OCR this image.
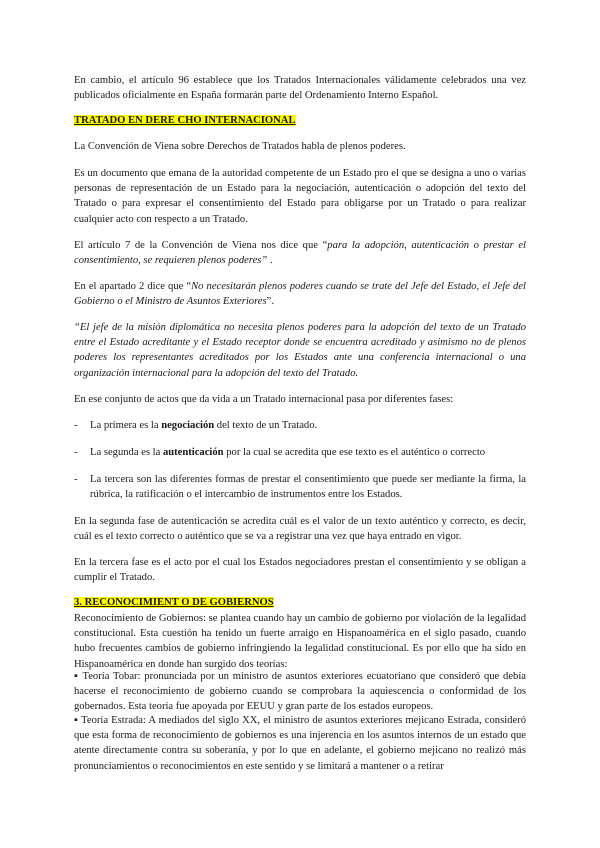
En cambio, el artículo 96 establece que los Tratados Internacionales válidamente celebrados una vez publicados oficialmente en España formarán parte del Ordenamiento Interno Español.

TRATADO EN DERE CHO INTERNACIONAL

La Convención de Viena sobre Derechos de Tratados habla de plenos poderes.

Es un documento que emana de la autoridad competente de un Estado pro el que se designa a uno o varias personas de representación de un Estado para la negociación, autenticación o adopción del texto del Tratado o para expresar el consentimiento del Estado para obligarse por un Tratado o para realizar cualquier acto con respecto a un Tratado.

El artículo 7 de la Convención de Viena nos dice que “para la adopción, autenticación o prestar el consentimiento, se requieren plenos poderes” .

En el apartado 2 dice que “No necesitarán plenos poderes cuando se trate del Jefe del Estado, el Jefe del Gobierno o el Ministro de Asuntos Exteriores”.

“El jefe de la misión diplomática no necesita plenos poderes para la adopción del texto de un Tratado entre el Estado acreditante y el Estado receptor donde se encuentra acreditado y asimismo no de plenos poderes los representantes acreditados por los Estados ante una conferencia internacional o una organización internacional para la adopción del texto del Tratado.

En ese conjunto de actos que da vida a un Tratado internacional pasa por diferentes fases:

-	La primera es la negociación del texto de un Tratado.

-	La segunda es la autenticación por la cual se acredita que ese texto es el auténtico o correcto

-	La tercera son las diferentes formas de prestar el consentimiento que puede ser mediante la firma, la rúbrica, la ratificación o el intercambio de instrumentos entre los Estados.

En la segunda fase de autenticación se acredita cuál es el valor de un texto auténtico y correcto, es decir, cuál es el texto correcto o auténtico que se va a registrar una vez que haya entrado en vigor.

En la tercera fase es el acto por el cual los Estados negociadores prestan el consentimiento y se obligan a cumplir el Tratado.

3. RECONOCIMIENT O DE GOBIERNOS

Reconocimiento de Gobiernos: se plantea cuando hay un cambio de gobierno por violación de la legalidad constitucional. Esta cuestión ha tenido un fuerte arraigo en Hispanoamérica en el siglo pasado, cuando hubo frecuentes cambios de gobierno infringiendo la legalidad constitucional. Es por ello que ha sido en Hispanoamérica en donde han surgido dos teorías:

▪ Teoría Tobar: pronunciada por un ministro de asuntos exteriores ecuatoriano que consideró que debía hacerse el reconocimiento de gobierno cuando se comprobara la aquiescencia o conformidad de los gobernados. Esta teoría fue apoyada por EEUU y gran parte de los estados europeos.

▪ Teoría Estrada: A mediados del siglo XX, el ministro de asuntos exteriores mejicano Estrada, consideró que esta forma de reconocimiento de gobiernos es una injerencia en los asuntos internos de un estado que atente directamente contra su soberanía, y por lo que en adelante, el gobierno mejicano no realizó más pronunciamientos o reconocimientos en este sentido y se limitará a mantener o a retirar
